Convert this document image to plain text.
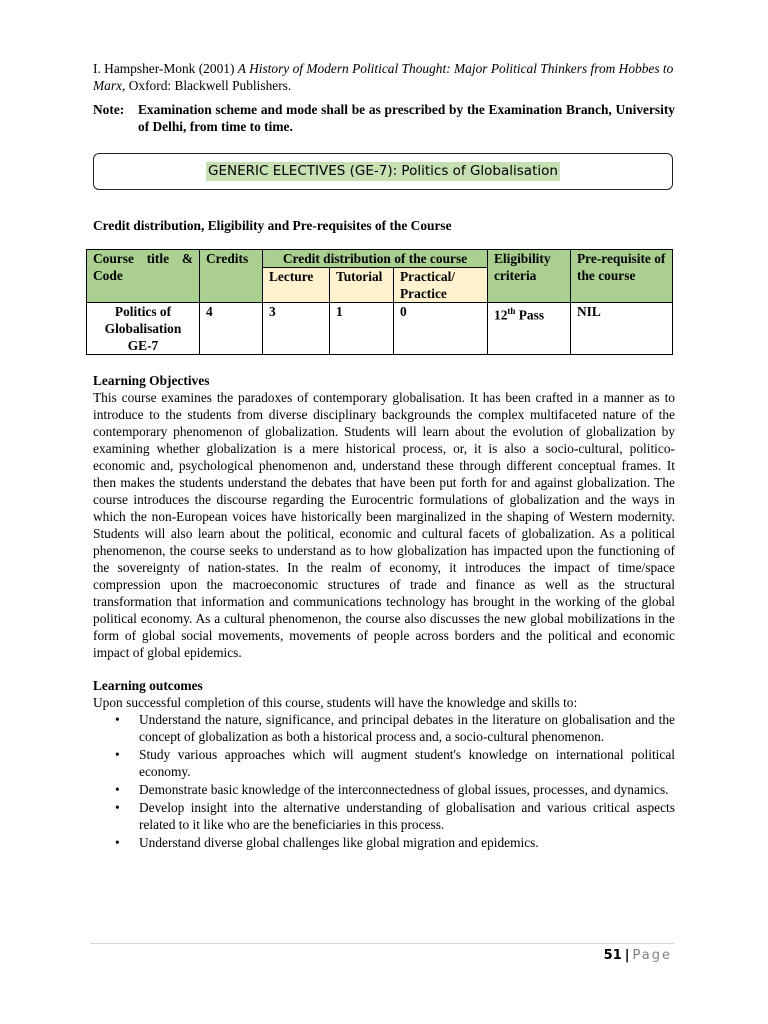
I. Hampsher-Monk (2001) A History of Modern Political Thought: Major Political Thinkers from Hobbes to Marx, Oxford: Blackwell Publishers.

Note:	Examination scheme and mode shall be as prescribed by the Examination Branch, University of Delhi, from time to time.
GENERIC ELECTIVES (GE-7): Politics of Globalisation
Credit distribution, Eligibility and Pre-requisites of the Course
Course title & Code	Credits	Credit distribution of the course			Eligibility criteria	Pre-requisite of the course
		Lecture	Tutorial	Practical/ Practice		
Politics of Globalisation
GE-7	4	3	1	0	12th Pass	NIL
Learning Objectives

This course examines the paradoxes of contemporary globalisation. It has been crafted in a manner as to introduce to the students from diverse disciplinary backgrounds the complex multifaceted nature of the contemporary phenomenon of globalization. Students will learn about the evolution of globalization by examining whether globalization is a mere historical process, or, it is also a socio-cultural, politico-economic and, psychological phenomenon and, understand these through different conceptual frames. It then makes the students understand the debates that have been put forth for and against globalization. The course introduces the discourse regarding the Eurocentric formulations of globalization and the ways in which the non-European voices have historically been marginalized in the shaping of Western modernity. Students will also learn about the political, economic and cultural facets of globalization. As a political phenomenon, the course seeks to understand as to how globalization has impacted upon the functioning of the sovereignty of nation-states. In the realm of economy, it introduces the impact of time/space compression upon the macroeconomic structures of trade and finance as well as the structural transformation that information and communications technology has brought in the working of the global political economy. As a cultural phenomenon, the course also discusses the new global mobilizations in the form of global social movements, movements of people across borders and the political and economic impact of global epidemics.

Learning outcomes

Upon successful completion of this course, students will have the knowledge and skills to:

• Understand the nature, significance, and principal debates in the literature on globalisation and the concept of globalization as both a historical process and, a socio-cultural phenomenon.
• Study various approaches which will augment student's knowledge on international political economy.
• Demonstrate basic knowledge of the interconnectedness of global issues, processes, and dynamics.
• Develop insight into the alternative understanding of globalisation and various critical aspects related to it like who are the beneficiaries in this process.
• Understand diverse global challenges like global migration and epidemics.
51 | Page
